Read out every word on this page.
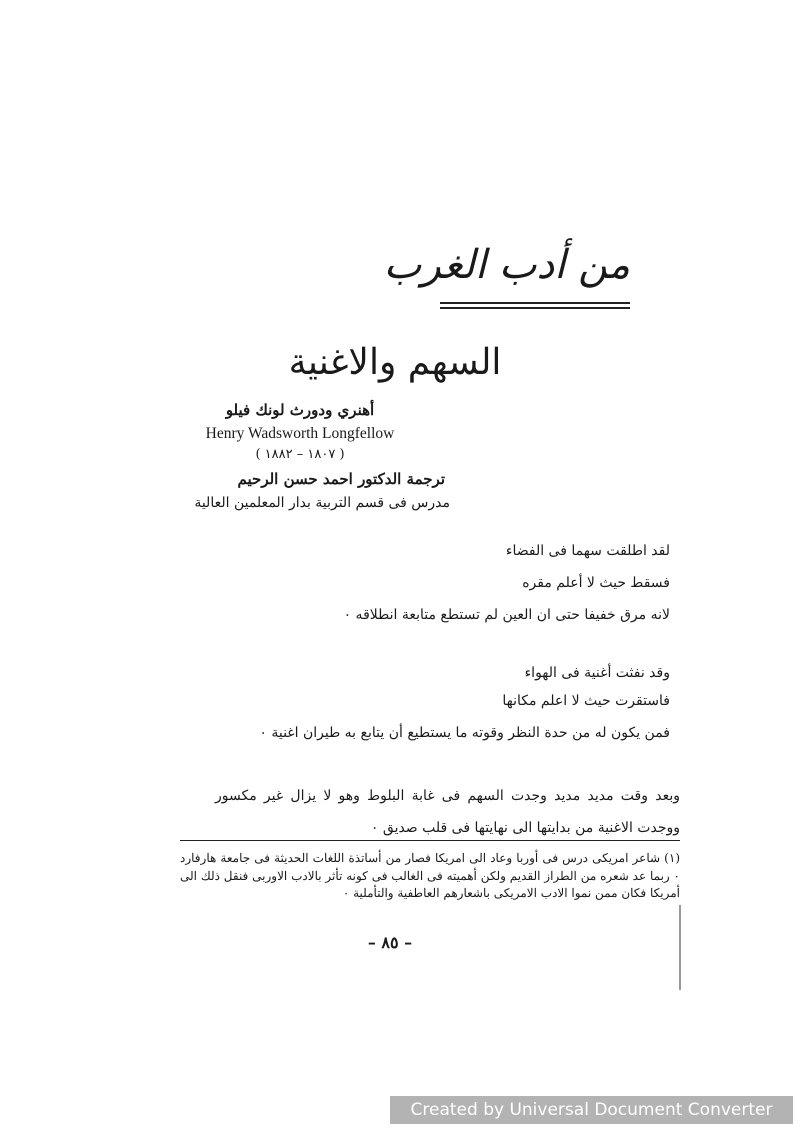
من أدب الغرب
السهم والاغنية
أهنري ودورث لونك فيلو
Henry Wadsworth Longfellow
( ١٨٠٧ – ١٨٨٢ )
ترجمة الدكتور احمد حسن الرحيم
مدرس فى قسم التربية بدار المعلمين العالية
لقد اطلقت سهما فى الفضاء
فسقط حيث لا أعلم مقره
لانه مرق خفيفا حتى ان العين لم تستطع متابعة انطلاقه ٠
وقد نفثت أغنية فى الهواء
فاستقرت حيث لا اعلم مكانها
فمن يكون له من حدة النظر وقوته ما يستطيع أن يتابع به طيران اغنية ٠
وبعد وقت مديد مديد وجدت السهم فى غابة البلوط وهو لا يزال غير مكسور ووجدت الاغنية من بدايتها الى نهايتها فى قلب صديق ٠
(١) شاعر امريكى درس فى أوربا وعاد الى امريكا فصار من أساتذة اللغات الحديثة فى جامعة هارفارد ٠ ربما عد شعره من الطراز القديم ولكن أهميته فى الغالب فى كونه تأثر بالادب الاوربى فنقل ذلك الى أمريكا فكان ممن نموا الادب الامريكى باشعارهم العاطفية والتأملية ٠
– ٨٥ –
Created by Universal Document Converter
